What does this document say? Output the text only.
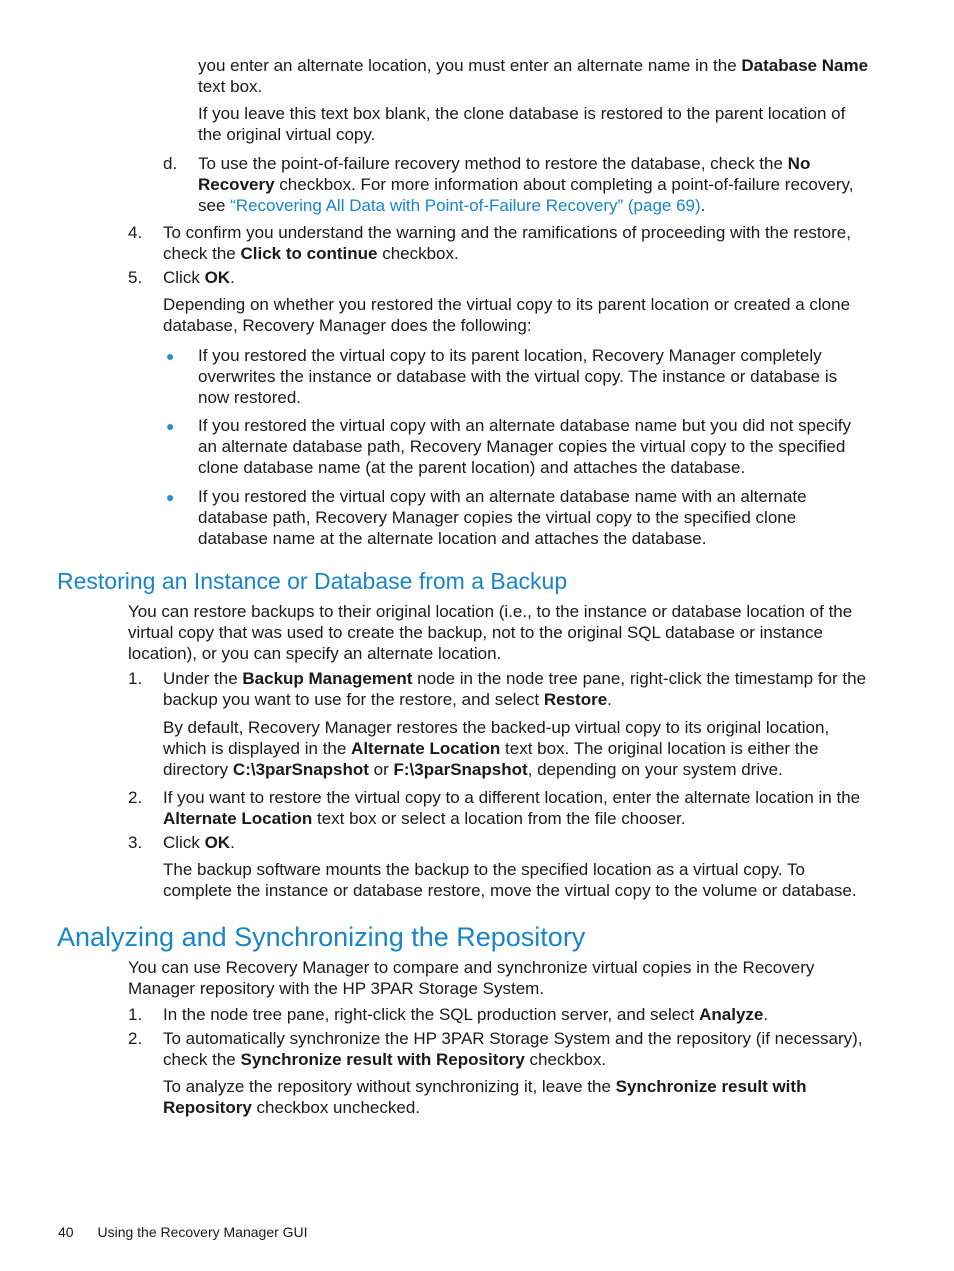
you enter an alternate location, you must enter an alternate name in the Database Name text box.

If you leave this text box blank, the clone database is restored to the parent location of the original virtual copy.

d. To use the point-of-failure recovery method to restore the database, check the No Recovery checkbox. For more information about completing a point-of-failure recovery, see “Recovering All Data with Point-of-Failure Recovery” (page 69).

4. To confirm you understand the warning and the ramifications of proceeding with the restore, check the Click to continue checkbox.

5. Click OK.

Depending on whether you restored the virtual copy to its parent location or created a clone database, Recovery Manager does the following:

● If you restored the virtual copy to its parent location, Recovery Manager completely overwrites the instance or database with the virtual copy. The instance or database is now restored.

● If you restored the virtual copy with an alternate database name but you did not specify an alternate database path, Recovery Manager copies the virtual copy to the specified clone database name (at the parent location) and attaches the database.

● If you restored the virtual copy with an alternate database name with an alternate database path, Recovery Manager copies the virtual copy to the specified clone database name at the alternate location and attaches the database.

Restoring an Instance or Database from a Backup

You can restore backups to their original location (i.e., to the instance or database location of the virtual copy that was used to create the backup, not to the original SQL database or instance location), or you can specify an alternate location.

1. Under the Backup Management node in the node tree pane, right-click the timestamp for the backup you want to use for the restore, and select Restore.

By default, Recovery Manager restores the backed-up virtual copy to its original location, which is displayed in the Alternate Location text box. The original location is either the directory C:\3parSnapshot or F:\3parSnapshot, depending on your system drive.

2. If you want to restore the virtual copy to a different location, enter the alternate location in the Alternate Location text box or select a location from the file chooser.

3. Click OK.

The backup software mounts the backup to the specified location as a virtual copy. To complete the instance or database restore, move the virtual copy to the volume or database.

Analyzing and Synchronizing the Repository

You can use Recovery Manager to compare and synchronize virtual copies in the Recovery Manager repository with the HP 3PAR Storage System.

1. In the node tree pane, right-click the SQL production server, and select Analyze.

2. To automatically synchronize the HP 3PAR Storage System and the repository (if necessary), check the Synchronize result with Repository checkbox.

To analyze the repository without synchronizing it, leave the Synchronize result with Repository checkbox unchecked.

40 Using the Recovery Manager GUI
